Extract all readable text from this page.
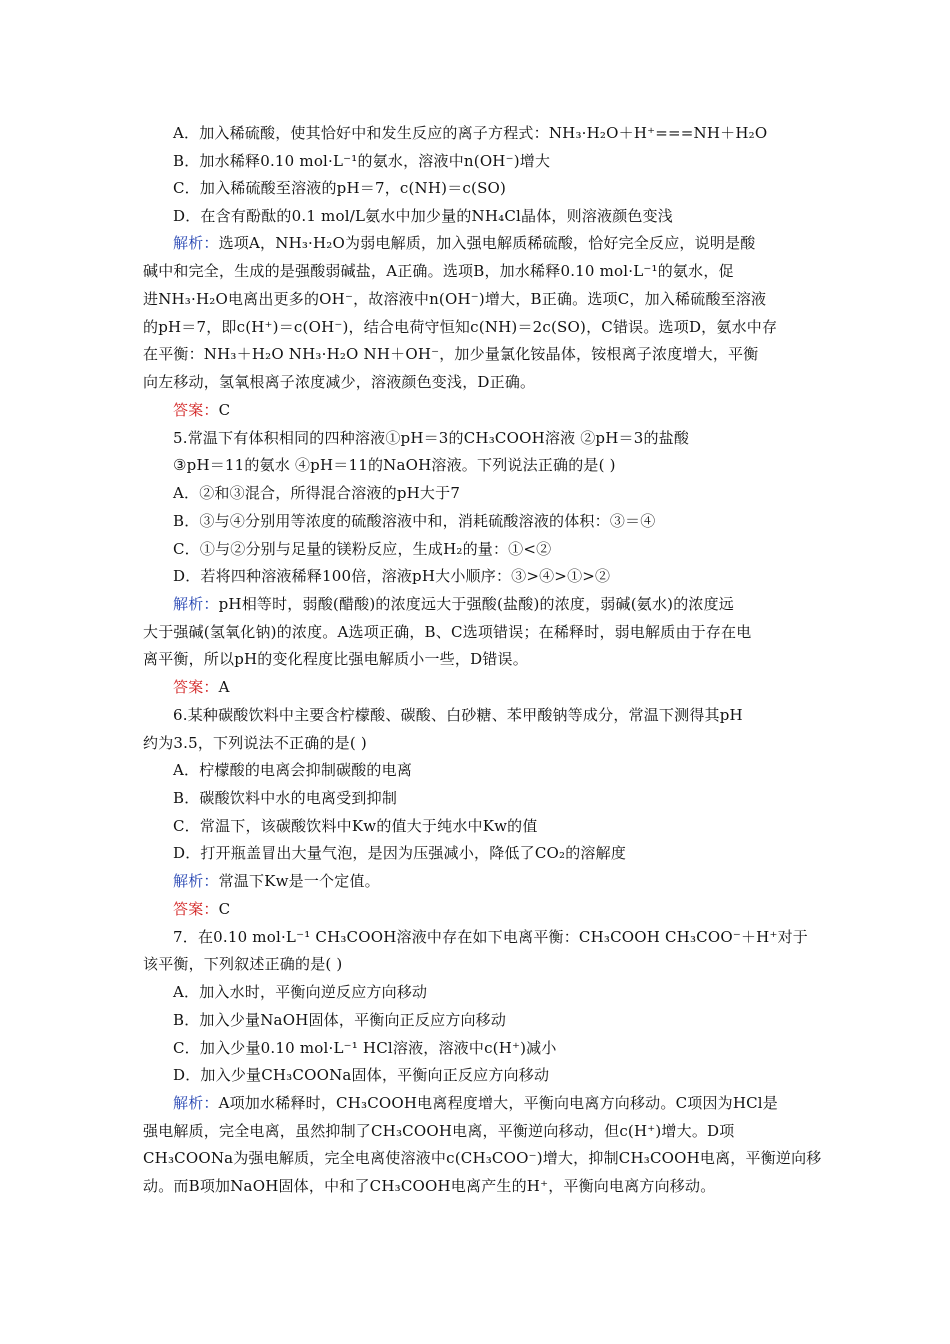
A．加入稀硫酸，使其恰好中和发生反应的离子方程式：NH₃·H₂O＋H⁺===NH＋H₂O
B．加水稀释0.10 mol·L⁻¹的氨水，溶液中n(OH⁻)增大
C．加入稀硫酸至溶液的pH＝7，c(NH)＝c(SO)
D．在含有酚酞的0.1 mol/L氨水中加少量的NH₄Cl晶体，则溶液颜色变浅
解析：选项A，NH₃·H₂O为弱电解质，加入强电解质稀硫酸，恰好完全反应，说明是酸
碱中和完全，生成的是强酸弱碱盐，A正确。选项B，加水稀释0.10 mol·L⁻¹的氨水，促
进NH₃·H₂O电离出更多的OH⁻，故溶液中n(OH⁻)增大，B正确。选项C，加入稀硫酸至溶液
的pH＝7，即c(H⁺)＝c(OH⁻)，结合电荷守恒知c(NH)＝2c(SO)，C错误。选项D，氨水中存
在平衡：NH₃＋H₂O NH₃·H₂O NH＋OH⁻，加少量氯化铵晶体，铵根离子浓度增大，平衡
向左移动，氢氧根离子浓度减少，溶液颜色变浅，D正确。
答案：C
5.常温下有体积相同的四种溶液①pH＝3的CH₃COOH溶液 ②pH＝3的盐酸
③pH＝11的氨水 ④pH＝11的NaOH溶液。下列说法正确的是( )
A．②和③混合，所得混合溶液的pH大于7
B．③与④分别用等浓度的硫酸溶液中和，消耗硫酸溶液的体积：③＝④
C．①与②分别与足量的镁粉反应，生成H₂的量：①<②
D．若将四种溶液稀释100倍，溶液pH大小顺序：③>④>①>②
解析：pH相等时，弱酸(醋酸)的浓度远大于强酸(盐酸)的浓度，弱碱(氨水)的浓度远
大于强碱(氢氧化钠)的浓度。A选项正确，B、C选项错误；在稀释时，弱电解质由于存在电
离平衡，所以pH的变化程度比强电解质小一些，D错误。
答案：A
6.某种碳酸饮料中主要含柠檬酸、碳酸、白砂糖、苯甲酸钠等成分，常温下测得其pH
约为3.5，下列说法不正确的是( )
A．柠檬酸的电离会抑制碳酸的电离
B．碳酸饮料中水的电离受到抑制
C．常温下，该碳酸饮料中Kw的值大于纯水中Kw的值
D．打开瓶盖冒出大量气泡，是因为压强减小，降低了CO₂的溶解度
解析：常温下Kw是一个定值。
答案：C
7．在0.10 mol·L⁻¹ CH₃COOH溶液中存在如下电离平衡：CH₃COOH CH₃COO⁻＋H⁺对于
该平衡，下列叙述正确的是( )
A．加入水时，平衡向逆反应方向移动
B．加入少量NaOH固体，平衡向正反应方向移动
C．加入少量0.10 mol·L⁻¹ HCl溶液，溶液中c(H⁺)减小
D．加入少量CH₃COONa固体，平衡向正反应方向移动
解析：A项加水稀释时，CH₃COOH电离程度增大，平衡向电离方向移动。C项因为HCl是
强电解质，完全电离，虽然抑制了CH₃COOH电离，平衡逆向移动，但c(H⁺)增大。D项
CH₃COONa为强电解质，完全电离使溶液中c(CH₃COO⁻)增大，抑制CH₃COOH电离，平衡逆向移
动。而B项加NaOH固体，中和了CH₃COOH电离产生的H⁺，平衡向电离方向移动。
